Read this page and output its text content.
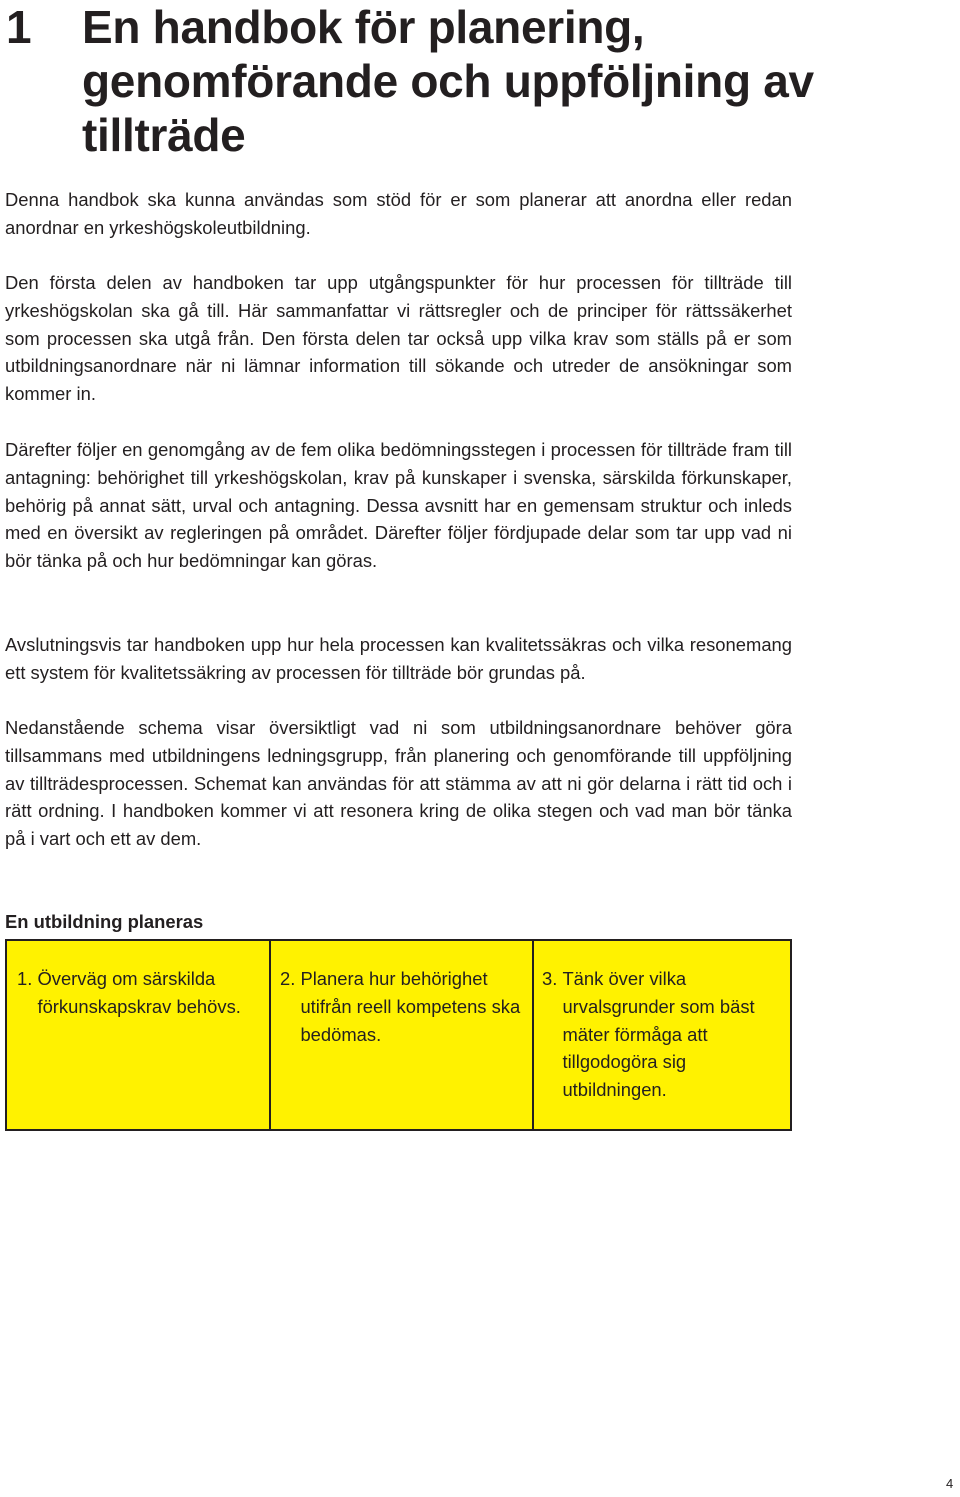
1 En handbok för planering, genomförande och uppföljning av tillträde

Denna handbok ska kunna användas som stöd för er som planerar att anordna eller redan anordnar en yrkeshögskoleutbildning.

Den första delen av handboken tar upp utgångspunkter för hur processen för tillträde till yrkeshögskolan ska gå till. Här sammanfattar vi rättsregler och de principer för rättssäkerhet som processen ska utgå från. Den första delen tar också upp vilka krav som ställs på er som utbildningsanordnare när ni lämnar information till sökande och utreder de ansökningar som kommer in.

Därefter följer en genomgång av de fem olika bedömningsstegen i processen för tillträde fram till antagning: behörighet till yrkeshögskolan, krav på kunskaper i svenska, särskilda förkunskaper, behörig på annat sätt, urval och antagning. Dessa avsnitt har en gemensam struktur och inleds med en översikt av regleringen på området. Därefter följer fördjupade delar som tar upp vad ni bör tänka på och hur bedömningar kan göras.

Avslutningsvis tar handboken upp hur hela processen kan kvalitetssäkras och vilka resonemang ett system för kvalitetssäkring av processen för tillträde bör grundas på.

Nedanstående schema visar översiktligt vad ni som utbildningsanordnare behöver göra tillsammans med utbildningens ledningsgrupp, från planering och genomförande till uppföljning av tillträdesprocessen. Schemat kan användas för att stämma av att ni gör delarna i rätt tid och i rätt ordning. I handboken kommer vi att resonera kring de olika stegen och vad man bör tänka på i vart och ett av dem.

En utbildning planeras
1. Överväg om särskilda förkunskapskrav behövs.
2. Planera hur behörighet utifrån reell kompetens ska bedömas.
3. Tänk över vilka urvalsgrunder som bäst mäter förmåga att tillgodogöra sig utbildningen.
4
